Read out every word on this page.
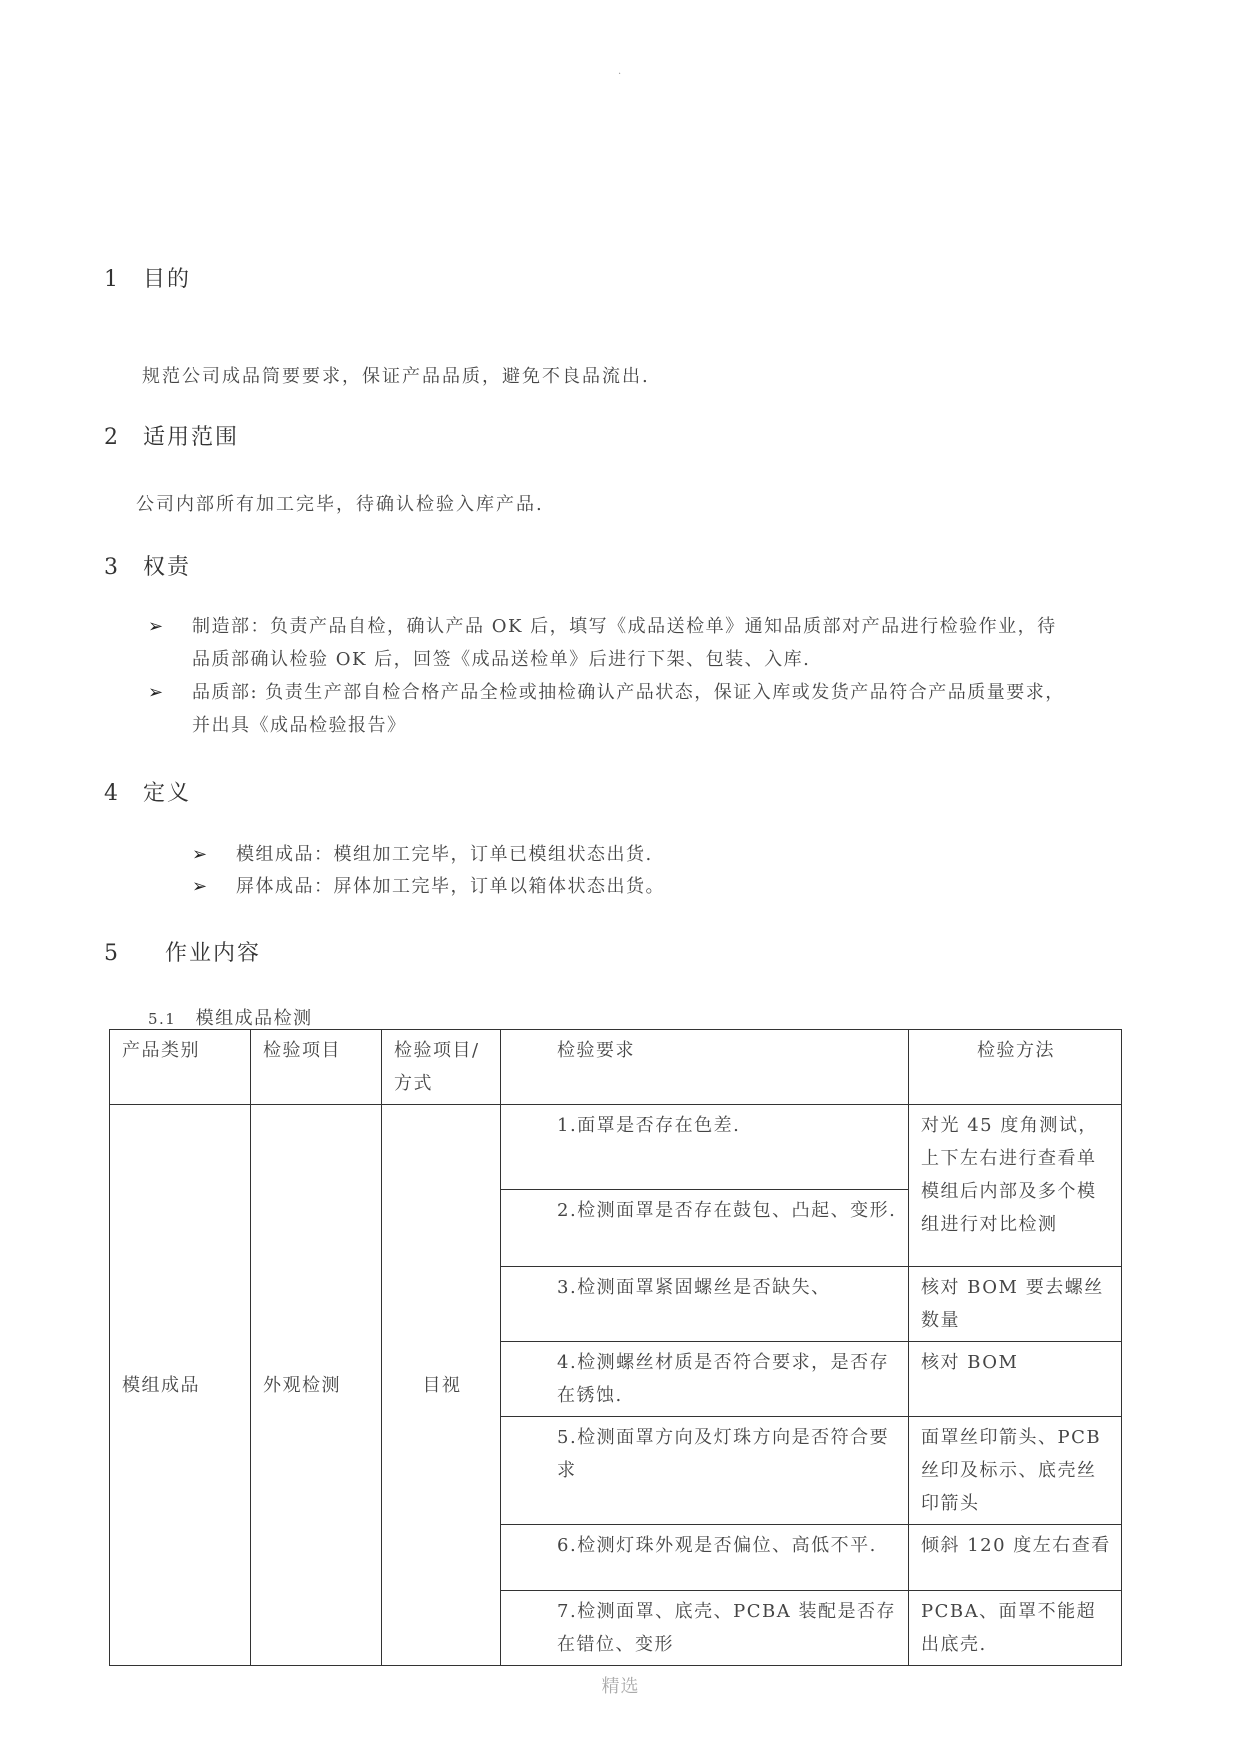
.
1 目的
规范公司成品筒要要求，保证产品品质，避免不良品流出.
2 适用范围
公司内部所有加工完毕，待确认检验入库产品.
3 权责
➢ 制造部：负责产品自检，确认产品 OK 后，填写《成品送检单》通知品质部对产品进行检验作业，待
品质部确认检验 OK 后，回签《成品送检单》后进行下架、包装、入库.
➢ 品质部: 负责生产部自检合格产品全检或抽检确认产品状态，保证入库或发货产品符合产品质量要求，
并出具《成品检验报告》
4 定义
➢ 模组成品：模组加工完毕，订单已模组状态出货.
➢ 屏体成品：屏体加工完毕，订单以箱体状态出货。
5 作业内容
5.1 模组成品检测
产品类别	检验项目	检验项目/方式	检验要求	检验方法
模组成品	外观检测	目视	1.面罩是否存在色差.	对光 45 度角测试，上下左右进行查看单模组后内部及多个模组进行对比检测
			2.检测面罩是否存在鼓包、凸起、变形.	
			3.检测面罩紧固螺丝是否缺失、	核对 BOM 要去螺丝数量
			4.检测螺丝材质是否符合要求，是否存在锈蚀.	核对 BOM
			5.检测面罩方向及灯珠方向是否符合要求	面罩丝印箭头、PCB 丝印及标示、底壳丝印箭头
			6.检测灯珠外观是否偏位、高低不平.	倾斜 120 度左右查看
			7.检测面罩、底壳、PCBA 装配是否存在错位、变形	PCBA、面罩不能超出底壳.
精选
